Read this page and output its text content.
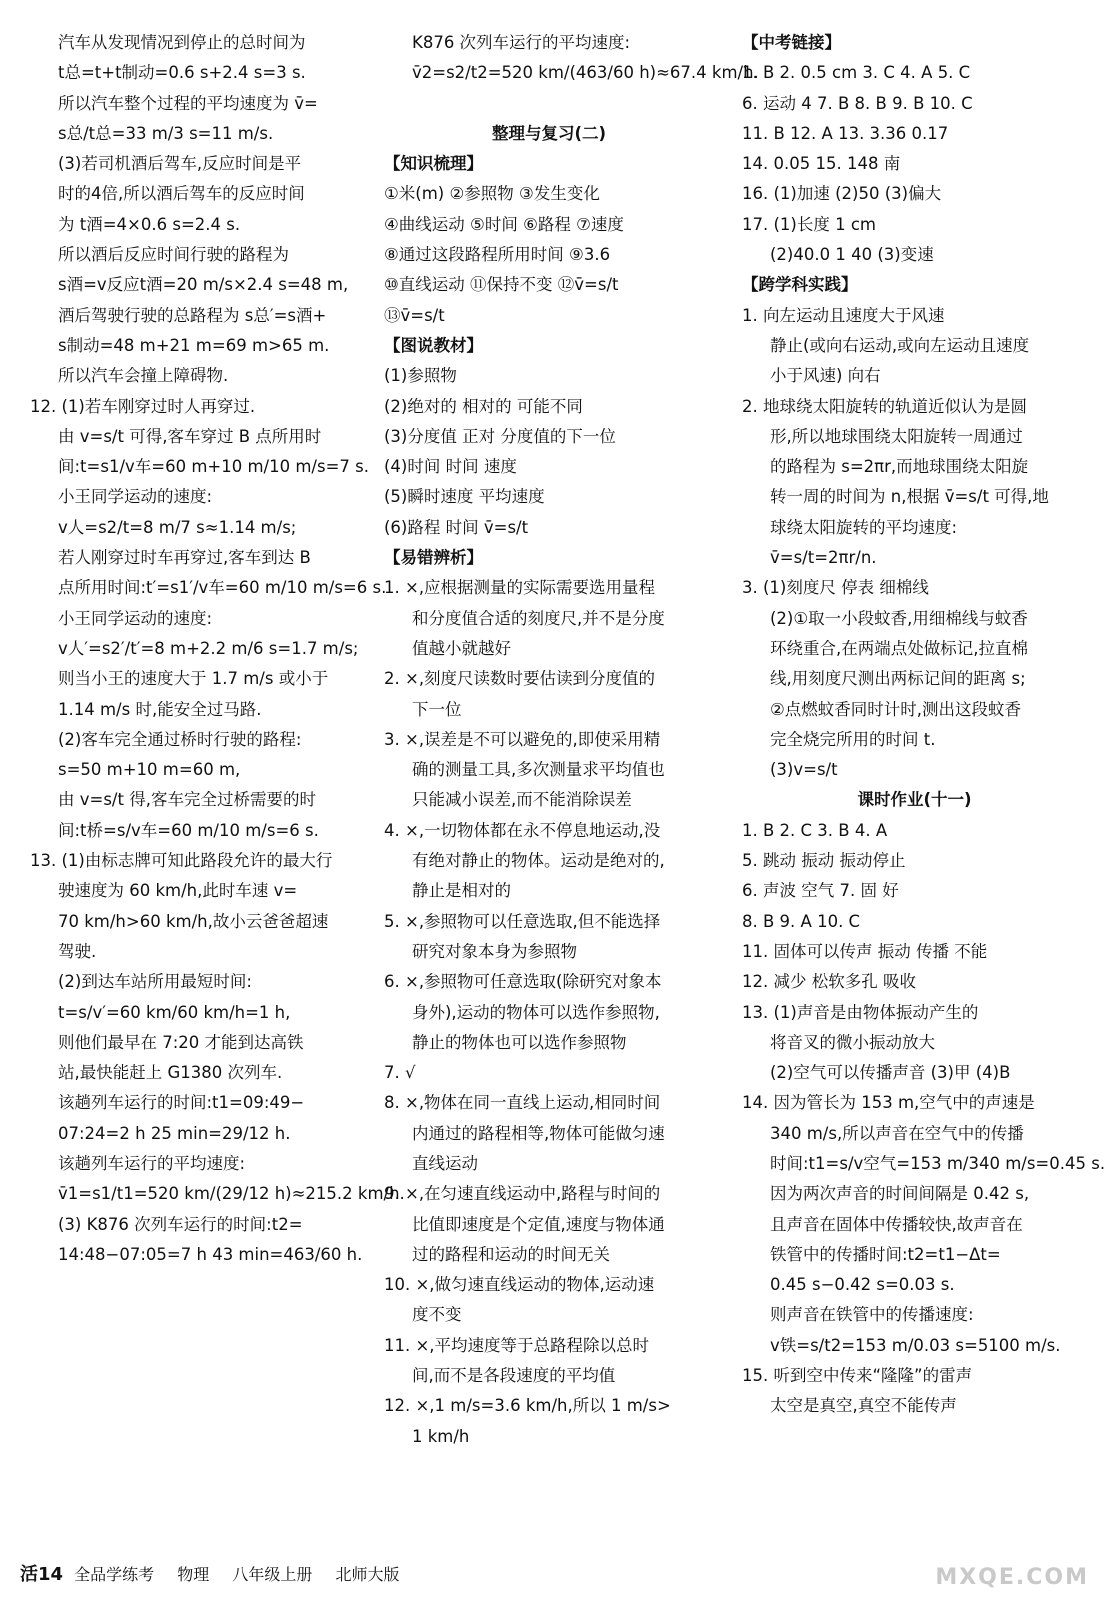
汽车从发现情况到停止的总时间为
t总=t+t制动=0.6 s+2.4 s=3 s.
所以汽车整个过程的平均速度为 v̄=
s总/t总=33 m/3 s=11 m/s.
(3)若司机酒后驾车,反应时间是平
时的4倍,所以酒后驾车的反应时间
为 t酒=4×0.6 s=2.4 s.
所以酒后反应时间行驶的路程为
s酒=v反应t酒=20 m/s×2.4 s=48 m,
酒后驾驶行驶的总路程为 s总′=s酒+
s制动=48 m+21 m=69 m>65 m.
所以汽车会撞上障碍物.
12. (1)若车刚穿过时人再穿过.
由 v=s/t 可得,客车穿过 B 点所用时
间:t=s1/v车=60 m+10 m/10 m/s=7 s.
小王同学运动的速度:
v人=s2/t=8 m/7 s≈1.14 m/s;
若人刚穿过时车再穿过,客车到达 B
点所用时间:t′=s1′/v车=60 m/10 m/s=6 s.
小王同学运动的速度:
v人′=s2′/t′=8 m+2.2 m/6 s=1.7 m/s;
则当小王的速度大于 1.7 m/s 或小于
1.14 m/s 时,能安全过马路.
(2)客车完全通过桥时行驶的路程:
s=50 m+10 m=60 m,
由 v=s/t 得,客车完全过桥需要的时
间:t桥=s/v车=60 m/10 m/s=6 s.
13. (1)由标志牌可知此路段允许的最大行
驶速度为 60 km/h,此时车速 v=
70 km/h>60 km/h,故小云爸爸超速
驾驶.
(2)到达车站所用最短时间:
t=s/v′=60 km/60 km/h=1 h,
则他们最早在 7:20 才能到达高铁
站,最快能赶上 G1380 次列车.
该趟列车运行的时间:t1=09:49−
07:24=2 h 25 min=29/12 h.
该趟列车运行的平均速度:
v̄1=s1/t1=520 km/(29/12 h)≈215.2 km/h.
(3) K876 次列车运行的时间:t2=
14:48−07:05=7 h 43 min=463/60 h.
K876 次列车运行的平均速度:
v̄2=s2/t2=520 km/(463/60 h)≈67.4 km/h.
整理与复习(二)
【知识梳理】
①米(m) ②参照物 ③发生变化
④曲线运动 ⑤时间 ⑥路程 ⑦速度
⑧通过这段路程所用时间 ⑨3.6
⑩直线运动 ⑪保持不变 ⑫v̄=s/t
⑬v̄=s/t
【图说教材】
(1)参照物
(2)绝对的 相对的 可能不同
(3)分度值 正对 分度值的下一位
(4)时间 时间 速度
(5)瞬时速度 平均速度
(6)路程 时间 v̄=s/t
【易错辨析】
1. ×,应根据测量的实际需要选用量程
和分度值合适的刻度尺,并不是分度
值越小就越好
2. ×,刻度尺读数时要估读到分度值的
下一位
3. ×,误差是不可以避免的,即使采用精
确的测量工具,多次测量求平均值也
只能减小误差,而不能消除误差
4. ×,一切物体都在永不停息地运动,没
有绝对静止的物体。运动是绝对的,
静止是相对的
5. ×,参照物可以任意选取,但不能选择
研究对象本身为参照物
6. ×,参照物可任意选取(除研究对象本
身外),运动的物体可以选作参照物,
静止的物体也可以选作参照物
7. √
8. ×,物体在同一直线上运动,相同时间
内通过的路程相等,物体可能做匀速
直线运动
9. ×,在匀速直线运动中,路程与时间的
比值即速度是个定值,速度与物体通
过的路程和运动的时间无关
10. ×,做匀速直线运动的物体,运动速
度不变
11. ×,平均速度等于总路程除以总时
间,而不是各段速度的平均值
12. ×,1 m/s=3.6 km/h,所以 1 m/s>
1 km/h
【中考链接】
1. B 2. 0.5 cm 3. C 4. A 5. C
6. 运动 4 7. B 8. B 9. B 10. C
11. B 12. A 13. 3.36 0.17
14. 0.05 15. 148 南
16. (1)加速 (2)50 (3)偏大
17. (1)长度 1 cm
(2)40.0 1 40 (3)变速
【跨学科实践】
1. 向左运动且速度大于风速
静止(或向右运动,或向左运动且速度
小于风速) 向右
2. 地球绕太阳旋转的轨道近似认为是圆
形,所以地球围绕太阳旋转一周通过
的路程为 s=2πr,而地球围绕太阳旋
转一周的时间为 n,根据 v̄=s/t 可得,地
球绕太阳旋转的平均速度:
v̄=s/t=2πr/n.
3. (1)刻度尺 停表 细棉线
(2)①取一小段蚊香,用细棉线与蚊香
环绕重合,在两端点处做标记,拉直棉
线,用刻度尺测出两标记间的距离 s;
②点燃蚊香同时计时,测出这段蚊香
完全烧完所用的时间 t.
(3)v=s/t
课时作业(十一)
1. B 2. C 3. B 4. A
5. 跳动 振动 振动停止
6. 声波 空气 7. 固 好
8. B 9. A 10. C
11. 固体可以传声 振动 传播 不能
12. 减少 松软多孔 吸收
13. (1)声音是由物体振动产生的
将音叉的微小振动放大
(2)空气可以传播声音 (3)甲 (4)B
14. 因为管长为 153 m,空气中的声速是
340 m/s,所以声音在空气中的传播
时间:t1=s/v空气=153 m/340 m/s=0.45 s.
因为两次声音的时间间隔是 0.42 s,
且声音在固体中传播较快,故声音在
铁管中的传播时间:t2=t1−Δt=
0.45 s−0.42 s=0.03 s.
则声音在铁管中的传播速度:
v铁=s/t2=153 m/0.03 s=5100 m/s.
15. 听到空中传来“隆隆”的雷声
太空是真空,真空不能传声
活14 全品学练考 物理 八年级上册 北师大版	MXQE.COM
